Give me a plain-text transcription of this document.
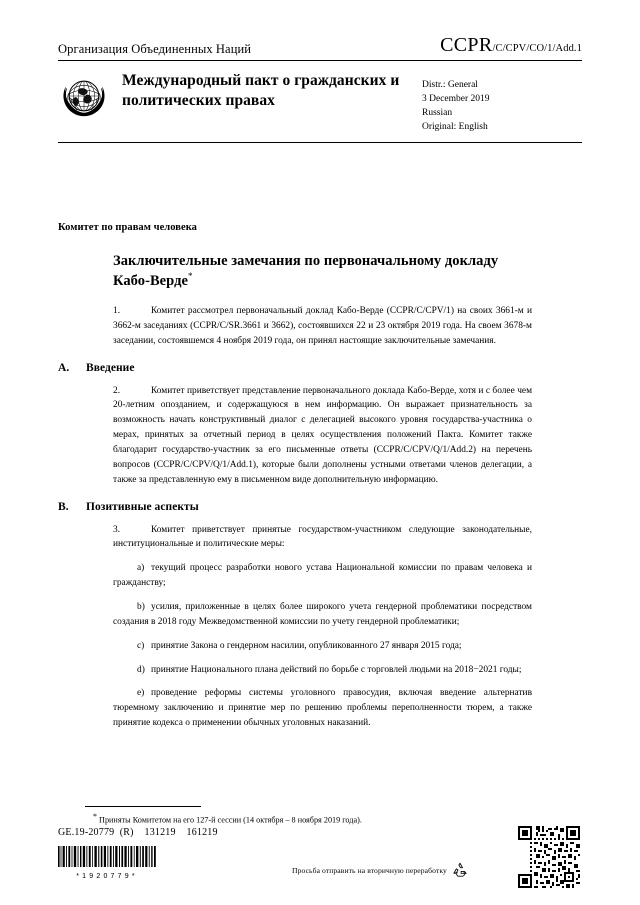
Организация Объединенных Наций	CCPR /C/CPV/CO/1/Add.1
Международный пакт о гражданских и политических правах
Distr.: General
3 December 2019
Russian
Original: English
Комитет по правам человека
Заключительные замечания по первоначальному докладу Кабо-Верде*

1.	Комитет рассмотрел первоначальный доклад Кабо-Верде (CCPR/C/CPV/1) на своих 3661-м и 3662-м заседаниях (CCPR/C/SR.3661 и 3662), состоявшихся 22 и 23 октября 2019 года. На своем 3678-м заседании, состоявшемся 4 ноября 2019 года, он принял настоящие заключительные замечания.

A.	Введение

2.	Комитет приветствует представление первоначального доклада Кабо-Верде, хотя и с более чем 20-летним опозданием, и содержащуюся в нем информацию. Он выражает признательность за возможность начать конструктивный диалог с делегацией высокого уровня государства-участника о мерах, принятых за отчетный период в целях осуществления положений Пакта. Комитет также благодарит государство-участник за его письменные ответы (CCPR/C/CPV/Q/1/Add.2) на перечень вопросов (CCPR/C/CPV/Q/1/Add.1), которые были дополнены устными ответами членов делегации, а также за представленную ему в письменном виде дополнительную информацию.

B.	Позитивные аспекты

3.	Комитет приветствует принятые государством-участником следующие законодательные, институциональные и политические меры:

a) текущий процесс разработки нового устава Национальной комиссии по правам человека и гражданству;

b) усилия, приложенные в целях более широкого учета гендерной проблематики посредством создания в 2018 году Межведомственной комиссии по учету гендерной проблематики;

c) принятие Закона о гендерном насилии, опубликованного 27 января 2015 года;

d) принятие Национального плана действий по борьбе с торговлей людьми на 2018−2021 годы;

e) проведение реформы системы уголовного правосудия, включая введение альтернатив тюремному заключению и принятие мер по решению проблемы переполненности тюрем, а также принятие кодекса о применении обычных уголовных наказаний.

* Приняты Комитетом на его 127-й сессии (14 октября – 8 ноября 2019 года).
GE.19-20779  (R)    131219    161219
*1920779*
Просьба отправить на вторичную переработку
